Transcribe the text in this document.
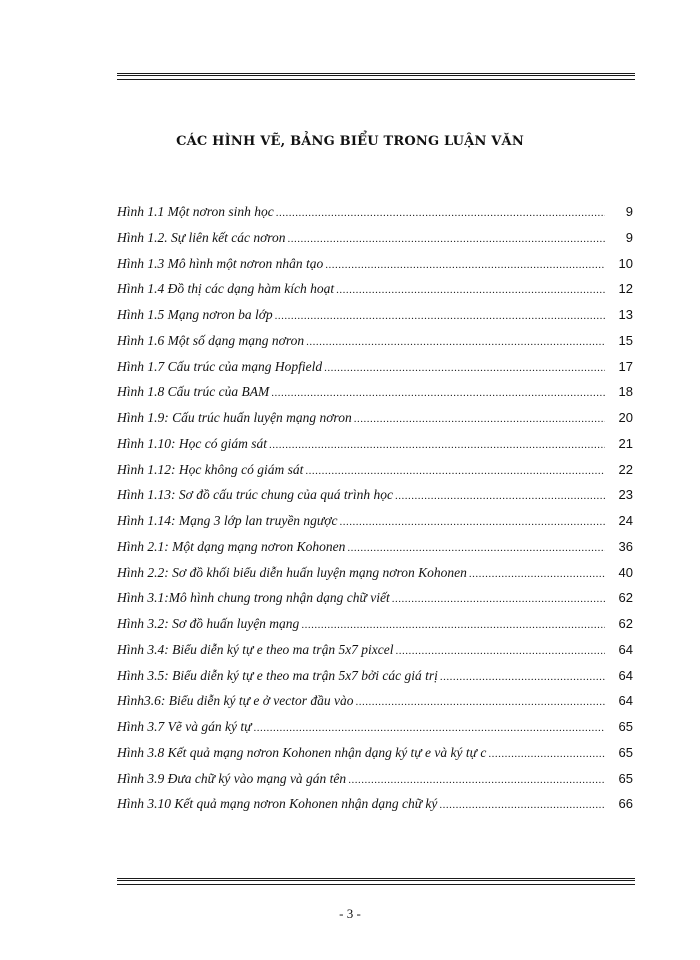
CÁC HÌNH VẼ, BẢNG BIỂU TRONG LUẬN VĂN
Hình 1.1 Một nơron sinh học .....	9
Hình 1.2. Sự liên kết các nơron .....	9
Hình 1.3 Mô hình một nơron nhân tạo .....	10
Hình 1.4 Đồ thị các dạng hàm kích hoạt .....	12
Hình 1.5 Mạng nơron ba lớp .....	13
Hình 1.6 Một số dạng mạng nơron .....	15
Hình 1.7 Cấu trúc của mạng Hopfield .....	17
Hình 1.8 Cấu trúc của BAM .....	18
Hình 1.9: Cấu trúc huấn luyện mạng nơron .....	20
Hình 1.10: Học có giám sát .....	21
Hình 1.12: Học không có giám sát .....	22
Hình 1.13: Sơ đồ cấu trúc chung của quá trình học .....	23
Hình 1.14: Mạng 3 lớp lan truyền ngược .....	24
Hình 2.1: Một dạng mạng nơron Kohonen .....	36
Hình 2.2: Sơ đồ khối biểu diễn huấn luyện mạng nơron Kohonen .....	40
Hình 3.1:Mô hình chung trong nhận dạng chữ viết .....	62
Hình 3.2: Sơ đồ huấn luyện mạng .....	62
Hình 3.4: Biểu diễn ký tự e theo ma trận 5x7 pixcel .....	64
Hình 3.5: Biểu diễn ký tự e theo ma trận 5x7 bởi các giá trị .....	64
Hình3.6: Biểu diễn ký tự e ở vector đầu vào .....	64
Hình 3.7 Vẽ và gán ký tự .....	65
Hình 3.8 Kết quả mạng nơron Kohonen nhận dạng ký tự e và ký tự c .....	65
Hình 3.9 Đưa chữ ký vào mạng và gán tên .....	65
Hình 3.10 Kết quả mạng nơron Kohonen nhận dạng chữ ký .....	66
- 3 -
